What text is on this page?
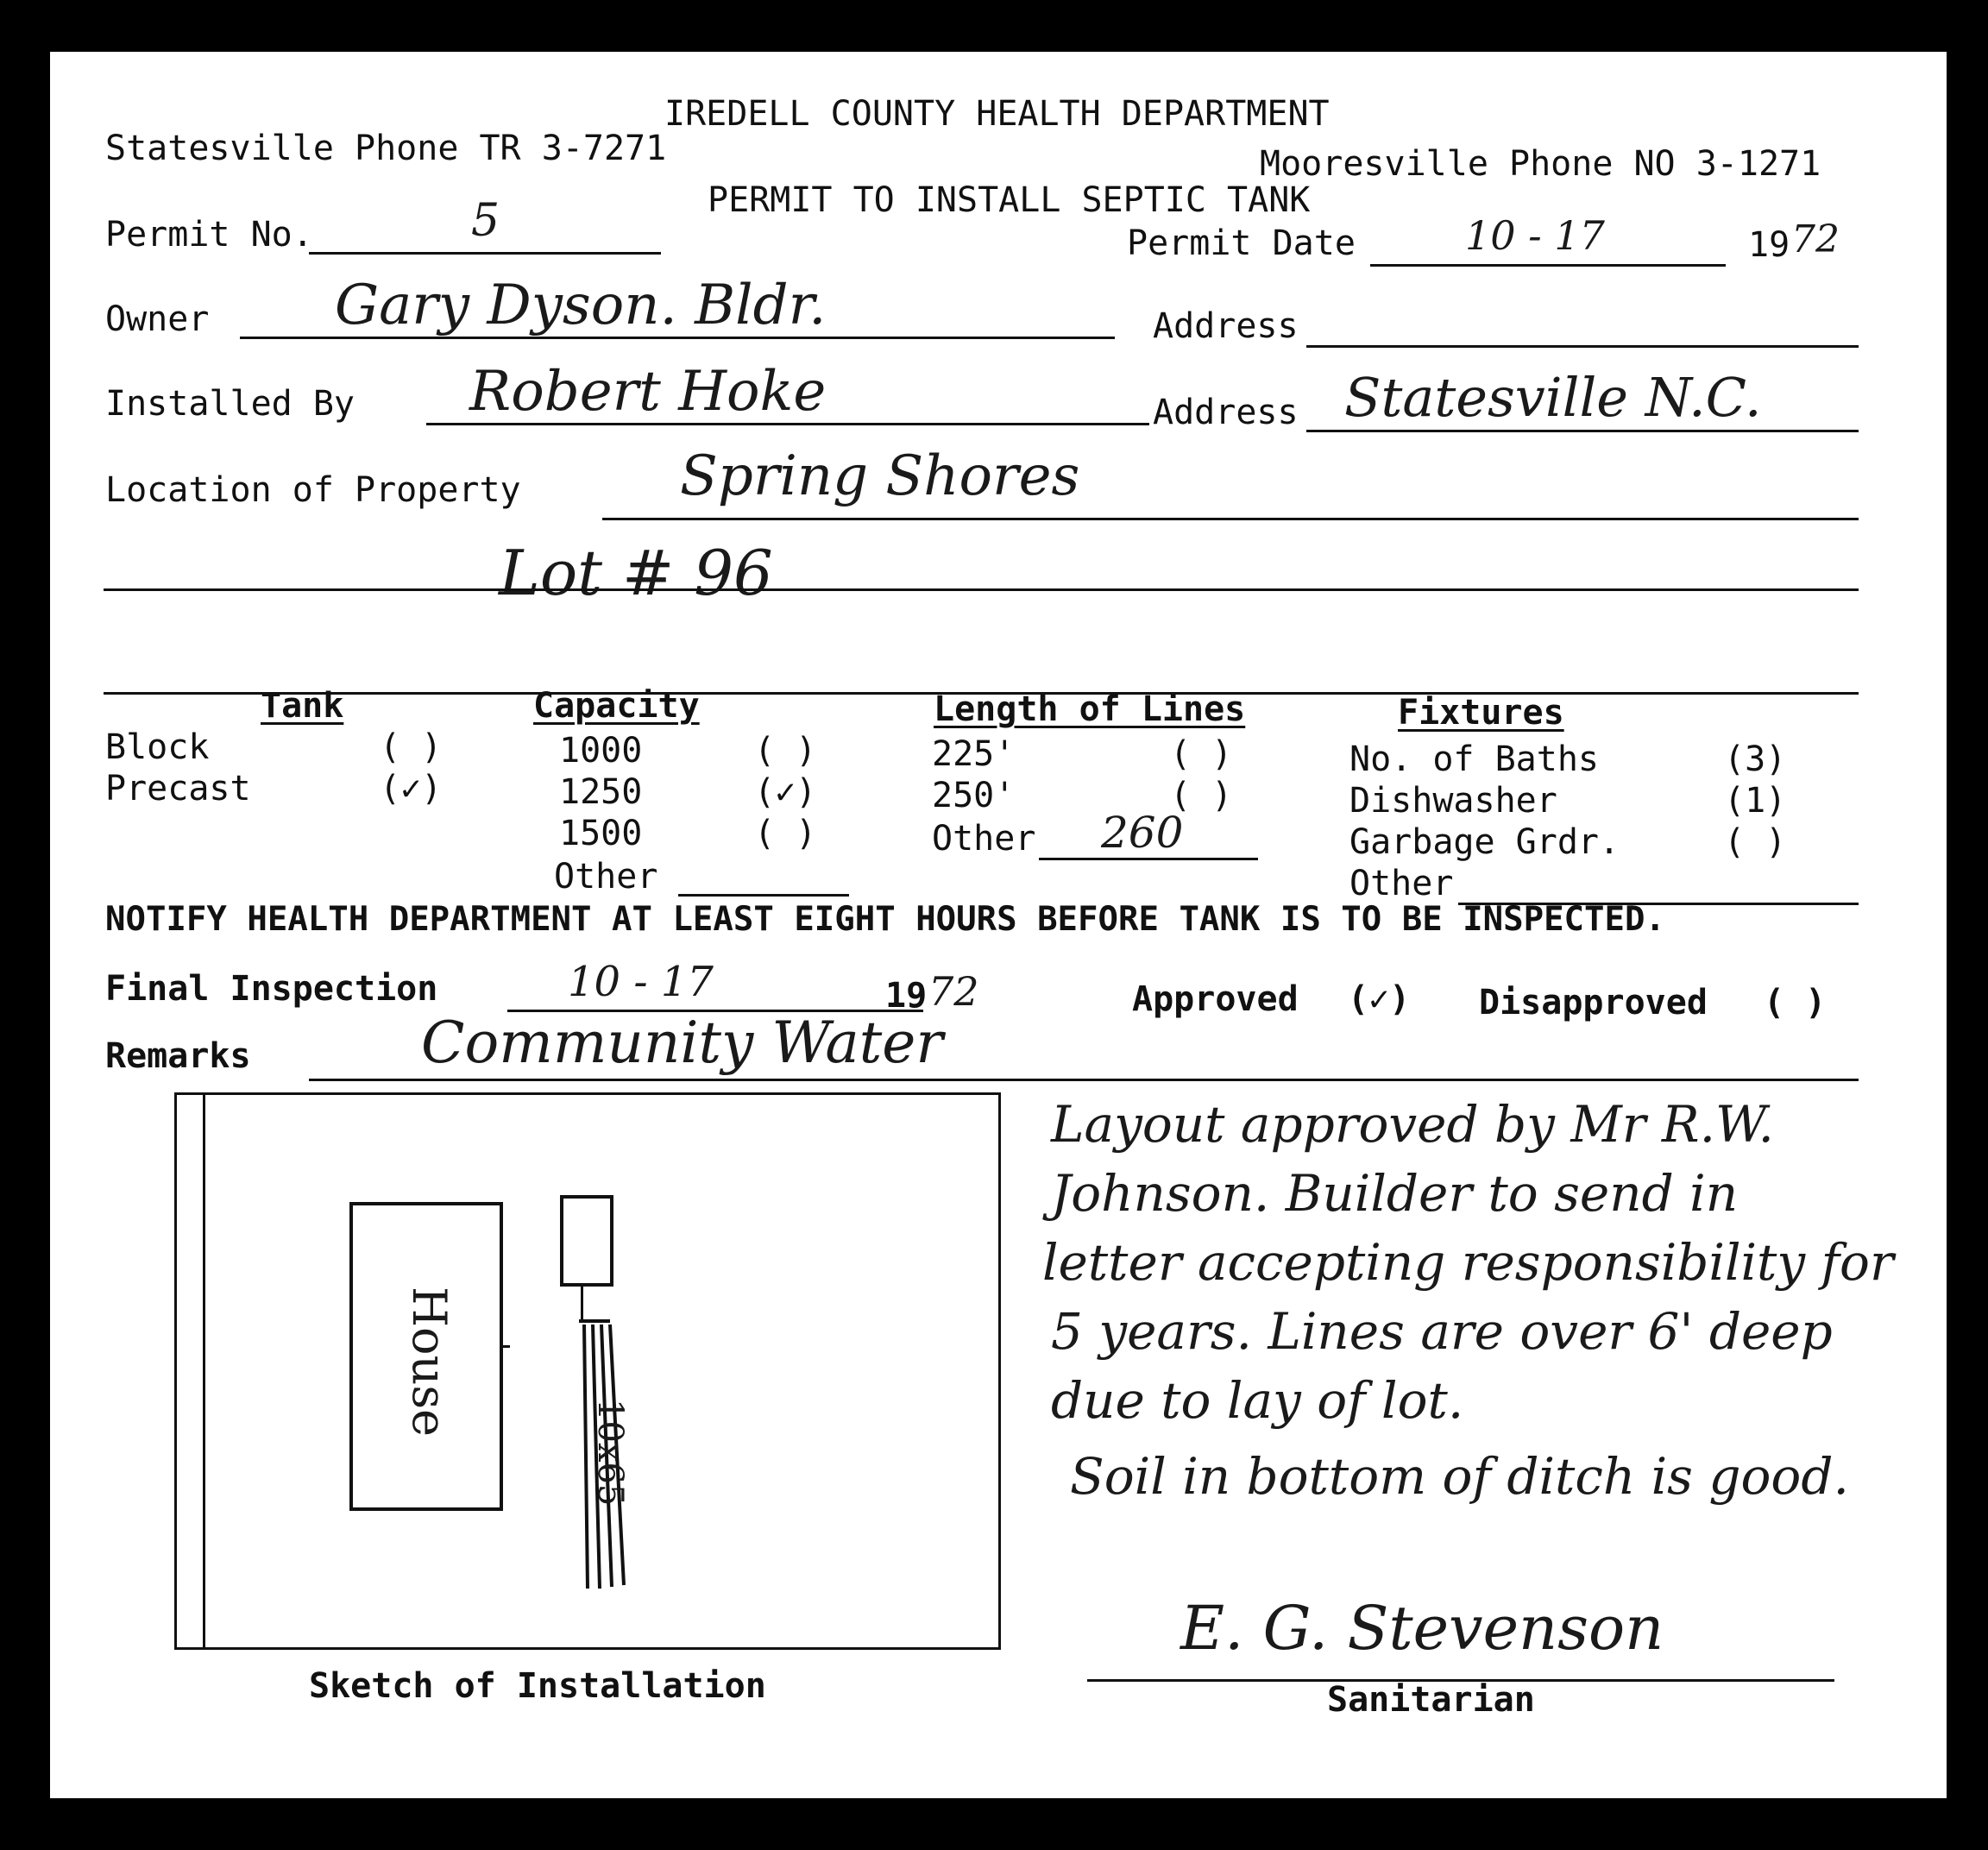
IREDELL COUNTY HEALTH DEPARTMENT
Statesville Phone TR 3-7271	Mooresville Phone NO 3-1271
PERMIT TO INSTALL SEPTIC TANK
Permit No.	5	Permit Date	10 - 17	19 72
Owner Gary Dyson. Bldr.	Address
Installed By Robert Hoke	Address Statesville N.C.
Location of Property	Spring Shores
Lot # 96
Tank
Block	( )
Precast	(✓)
Capacity
1000	( )
1250	(✓)
1500	( )
Other
Length of Lines
225'	( )
250'	( )
Other 260
Fixtures
No. of Baths	(3)
Dishwasher	(1)
Garbage Grdr.	( )
Other
NOTIFY HEALTH DEPARTMENT AT LEAST EIGHT HOURS BEFORE TANK IS TO BE INSPECTED.
Final Inspection	10 - 17	19 72	Approved (✓) Disapproved ( )
Remarks	Community Water
House
10x65
Sketch of Installation
Layout approved by Mr R.W.
Johnson. Builder to send in
letter accepting responsibility for
5 years. Lines are over 6' deep
due to lay of lot.
Soil in bottom of ditch is good.
E. G. Stevenson
Sanitarian
